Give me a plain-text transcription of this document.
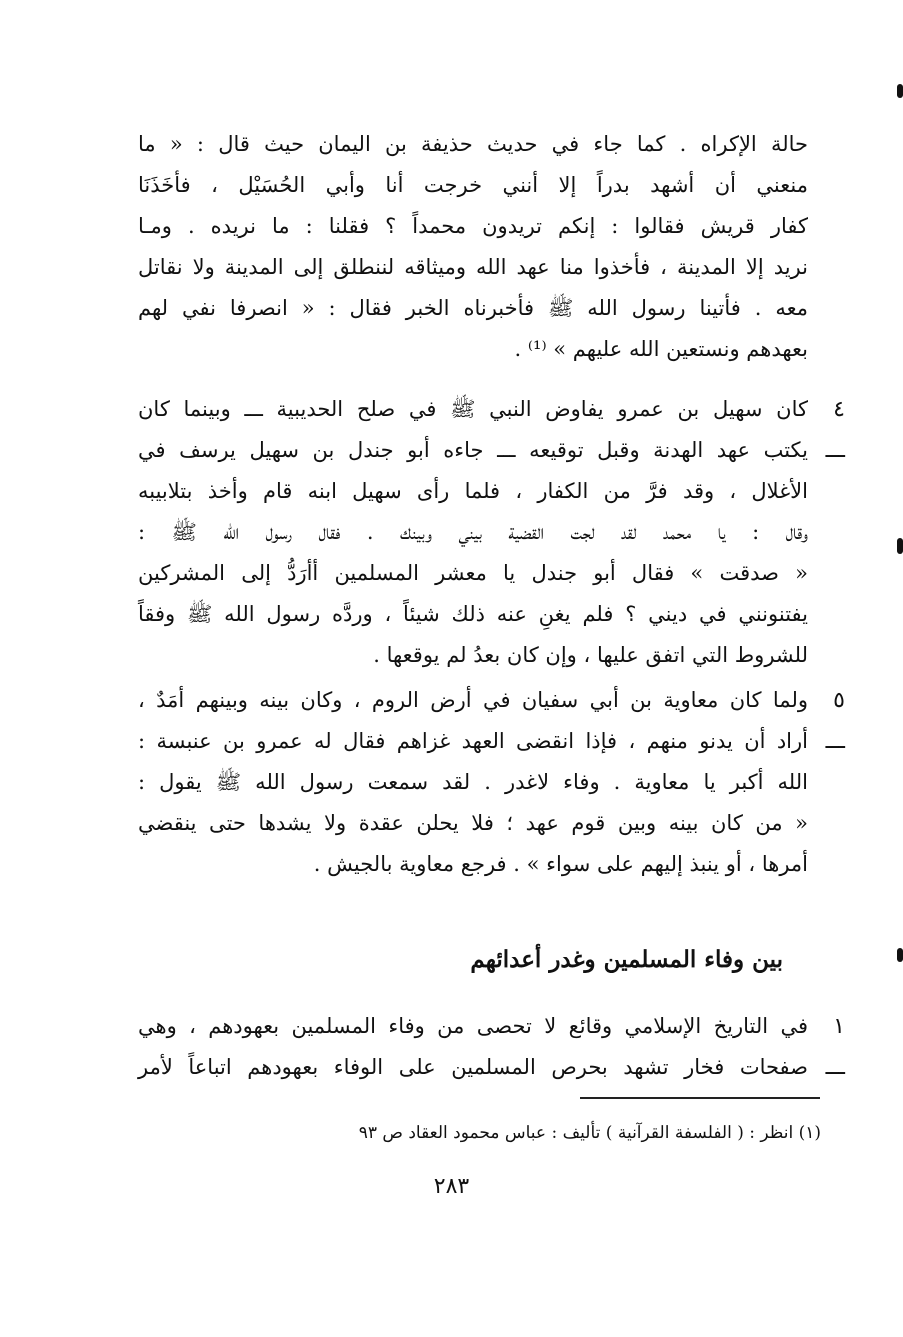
حالة الإكراه . كما جاء في حديث حذيفة بن اليمان حيث قال : « ما
منعني أن أشهد بدراً إلا أنني خرجت أنا وأبي الحُسَيْل ، فأخَذَنَا
كفار قريش فقالوا : إنكم تريدون محمداً ؟ فقلنا : ما نريده . ومـا
نريد إلا المدينة ، فأخذوا منا عهد الله وميثاقه لننطلق إلى المدينة ولا نقاتل
معه . فأتينا رسول الله ﷺ فأخبرناه الخبر فقال : « انصرفا نفي لهم
بعهدهم ونستعين الله عليهم » ⁽¹⁾ .
٤ ـــ
كان سهيل بن عمرو يفاوض النبي ﷺ في صلح الحديبية ـــ وبينما كان
يكتب عهد الهدنة وقبل توقيعه ـــ جاءه أبو جندل بن سهيل يرسف في
الأغلال ، وقد فرَّ من الكفار ، فلما رأى سهيل ابنه قام وأخذ بتلابيبه
وقال : يا محمد لقد لجت القضية بيني وبينك . فقال رسول الله ﷺ :
« صدقت » فقال أبو جندل يا معشر المسلمين أأرَدُّ إلى المشركين
يفتنونني في ديني ؟ فلم يغنِ عنه ذلك شيئاً ، وردَّه رسول الله ﷺ وفقاً
للشروط التي اتفق عليها ، وإن كان بعدُ لم يوقعها .
٥ ـــ
ولما كان معاوية بن أبي سفيان في أرض الروم ، وكان بينه وبينهم أمَدٌ ،
أراد أن يدنو منهم ، فإذا انقضى العهد غزاهم فقال له عمرو بن عنبسة :
الله أكبر يا معاوية . وفاء لاغدر . لقد سمعت رسول الله ﷺ يقول :
« من كان بينه وبين قوم عهد ؛ فلا يحلن عقدة ولا يشدها حتى ينقضي
أمرها ، أو ينبذ إليهم على سواء » . فرجع معاوية بالجيش .
بين وفاء المسلمين وغدر أعدائهم
١ ـــ
في التاريخ الإسلامي وقائع لا تحصى من وفاء المسلمين بعهودهم ، وهي
صفحات فخار تشهد بحرص المسلمين على الوفاء بعهودهم اتباعاً لأمر
(١) انظر : ( الفلسفة القرآنية ) تأليف : عباس محمود العقاد ص ٩٣
٢٨٣
